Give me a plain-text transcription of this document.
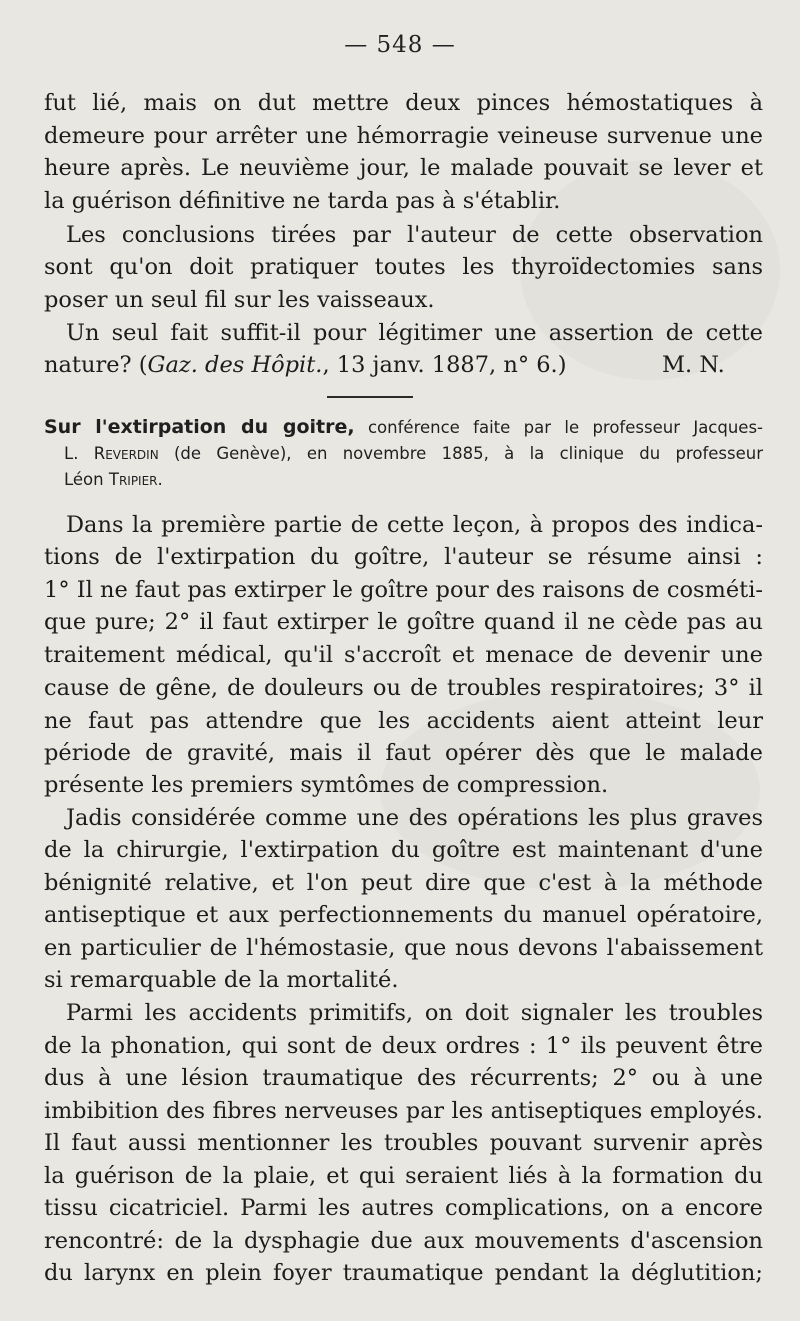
— 548 —
fut lié, mais on dut mettre deux pinces hémostatiques à
demeure pour arrêter une hémorragie veineuse survenue une
heure après. Le neuvième jour, le malade pouvait se lever et
la guérison définitive ne tarda pas à s'établir.
Les conclusions tirées par l'auteur de cette observation
sont qu'on doit pratiquer toutes les thyroïdectomies sans
poser un seul fil sur les vaisseaux.
Un seul fait suffit-il pour légitimer une assertion de cette
nature? (Gaz. des Hôpit., 13 janv. 1887, n° 6.)	M. N.
Sur l'extirpation du goitre, conférence faite par le professeur Jacques-
L. Reverdin (de Genève), en novembre 1885, à la clinique du professeur
Léon Tripier.
Dans la première partie de cette leçon, à propos des indica-
tions de l'extirpation du goître, l'auteur se résume ainsi :
1° Il ne faut pas extirper le goître pour des raisons de cosméti-
que pure; 2° il faut extirper le goître quand il ne cède pas au
traitement médical, qu'il s'accroît et menace de devenir une
cause de gêne, de douleurs ou de troubles respiratoires; 3° il
ne faut pas attendre que les accidents aient atteint leur
période de gravité, mais il faut opérer dès que le malade
présente les premiers symtômes de compression.
Jadis considérée comme une des opérations les plus graves
de la chirurgie, l'extirpation du goître est maintenant d'une
bénignité relative, et l'on peut dire que c'est à la méthode
antiseptique et aux perfectionnements du manuel opératoire,
en particulier de l'hémostasie, que nous devons l'abaissement
si remarquable de la mortalité.
Parmi les accidents primitifs, on doit signaler les troubles
de la phonation, qui sont de deux ordres : 1° ils peuvent être
dus à une lésion traumatique des récurrents; 2° ou à une
imbibition des fibres nerveuses par les antiseptiques employés.
Il faut aussi mentionner les troubles pouvant survenir après
la guérison de la plaie, et qui seraient liés à la formation du
tissu cicatriciel. Parmi les autres complications, on a encore
rencontré: de la dysphagie due aux mouvements d'ascension
du larynx en plein foyer traumatique pendant la déglutition;
